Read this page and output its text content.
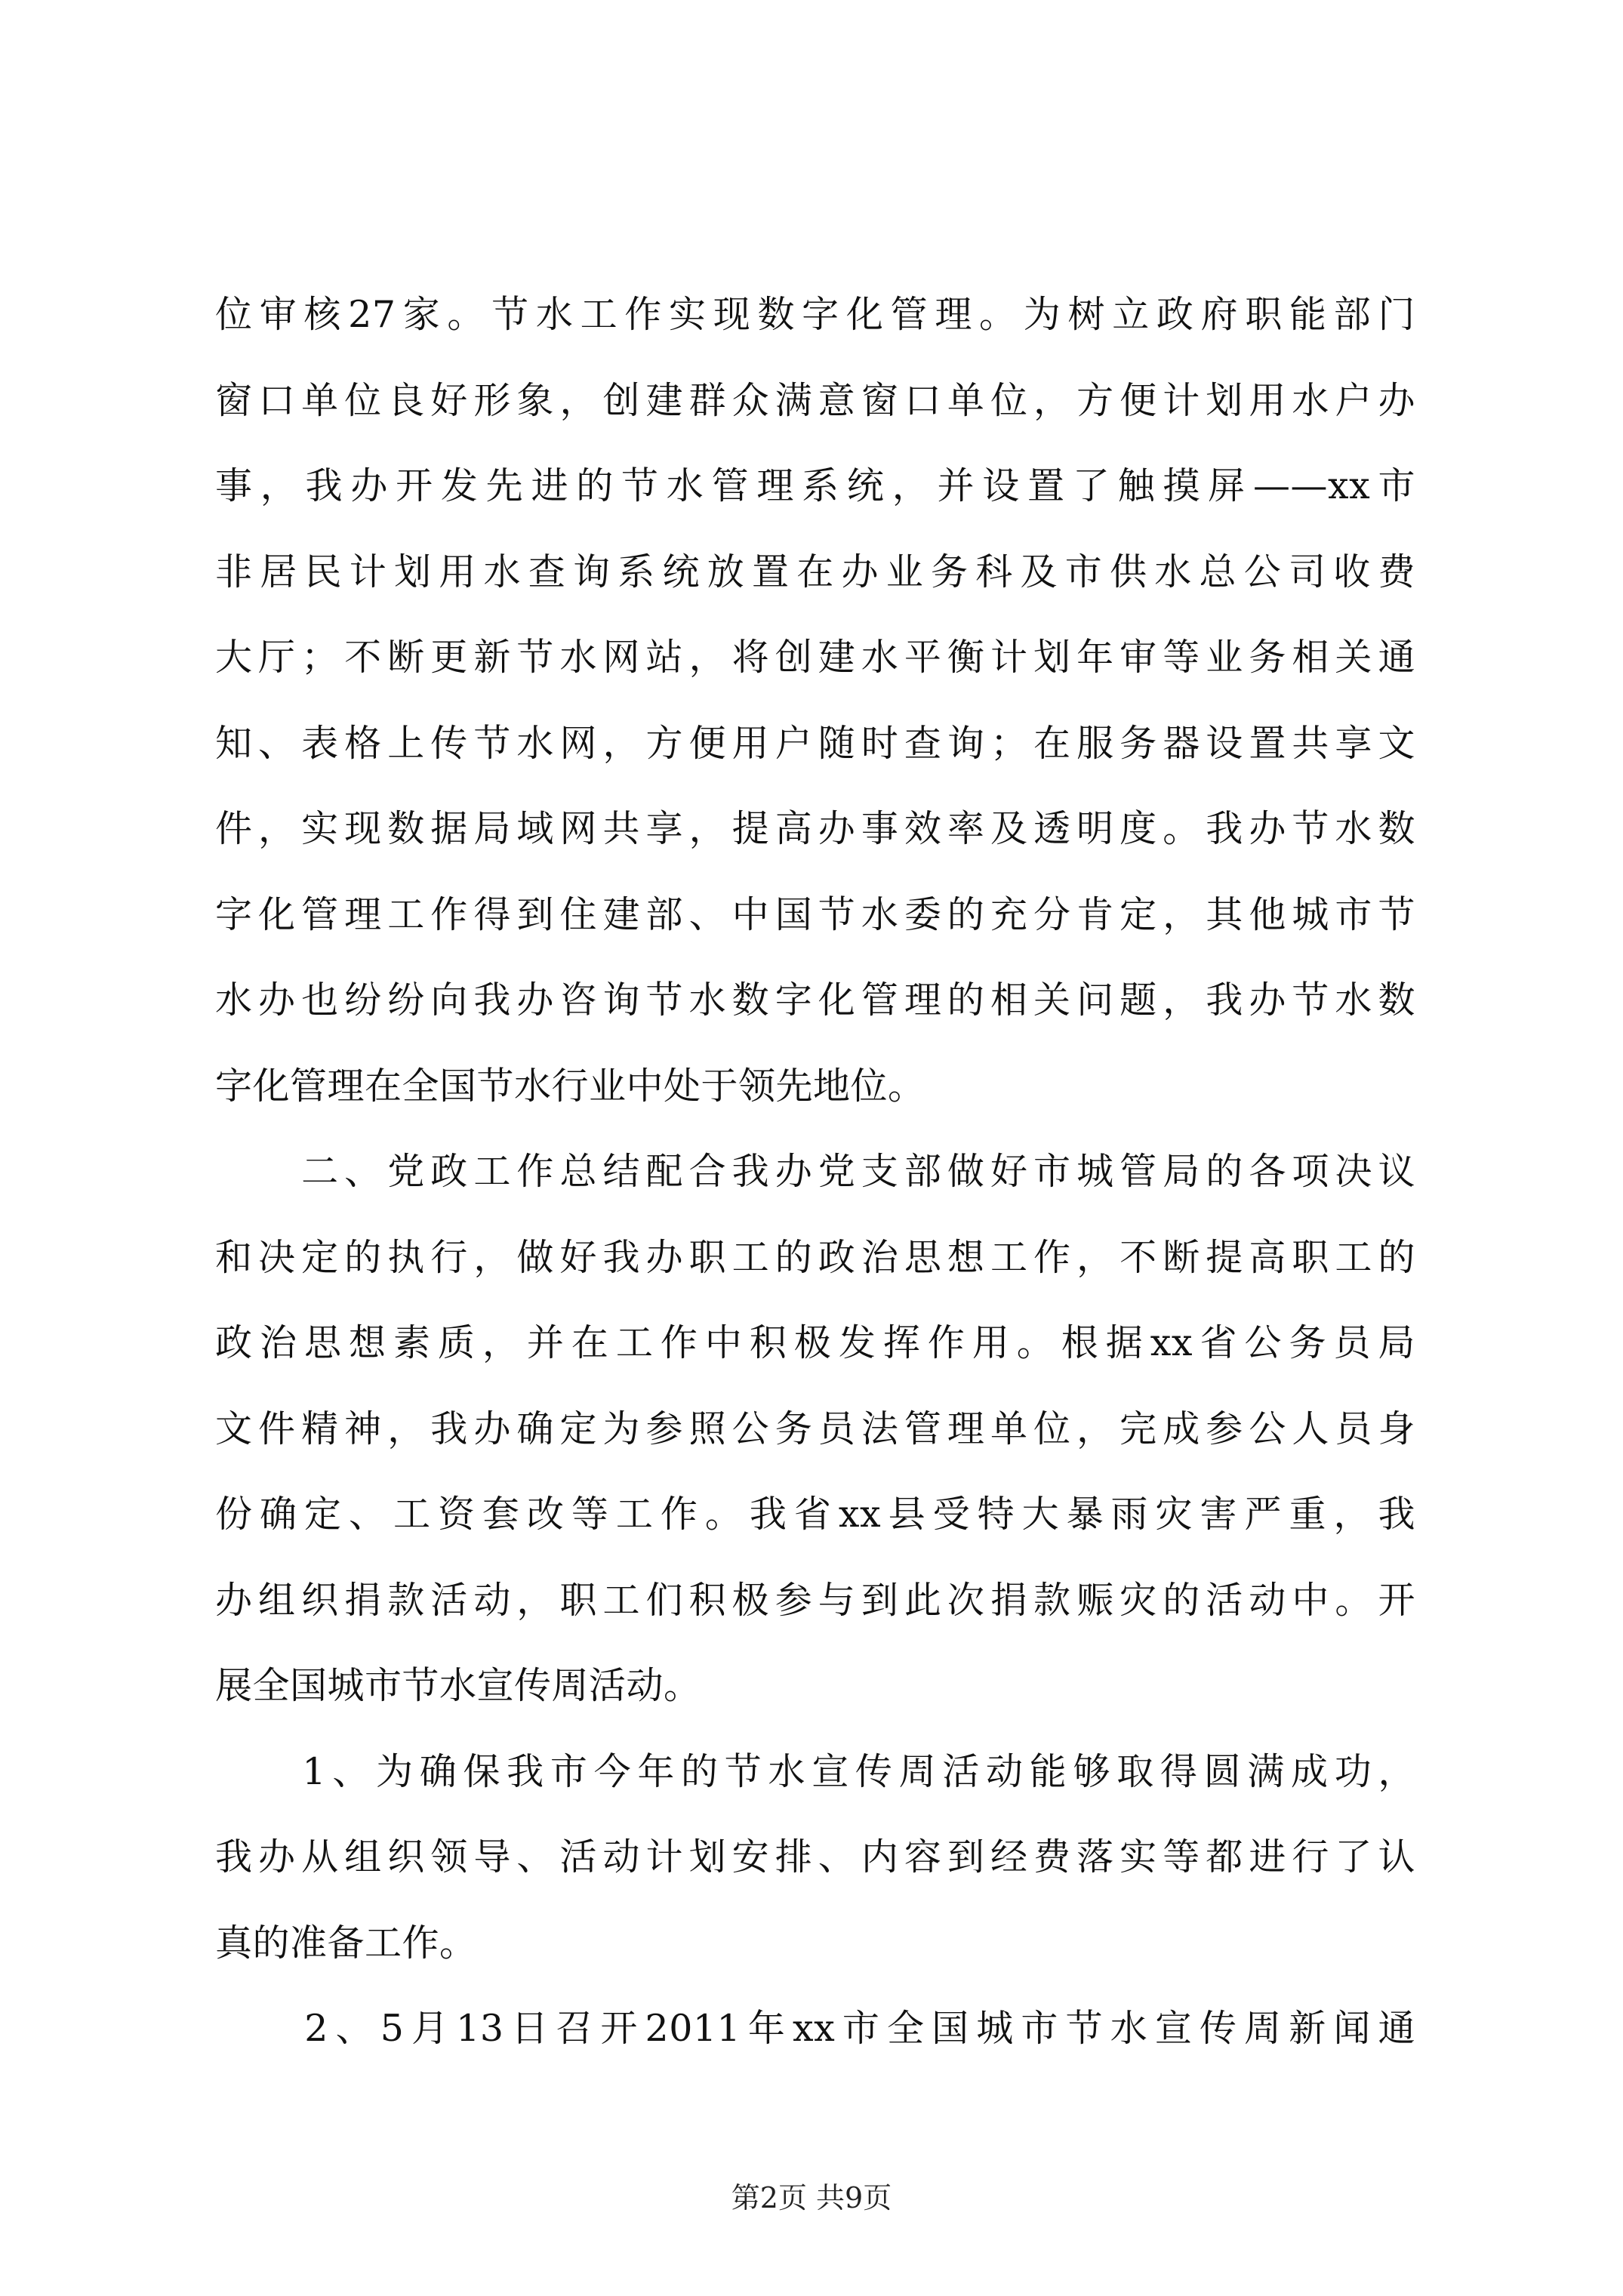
位审核27家。节水工作实现数字化管理。为树立政府职能部门
窗口单位良好形象，创建群众满意窗口单位，方便计划用水户办
事，我办开发先进的节水管理系统，并设置了触摸屏——xx市
非居民计划用水查询系统放置在办业务科及市供水总公司收费
大厅；不断更新节水网站，将创建水平衡计划年审等业务相关通
知、表格上传节水网，方便用户随时查询；在服务器设置共享文
件，实现数据局域网共享，提高办事效率及透明度。我办节水数
字化管理工作得到住建部、中国节水委的充分肯定，其他城市节
水办也纷纷向我办咨询节水数字化管理的相关问题，我办节水数
字化管理在全国节水行业中处于领先地位。
　　二、党政工作总结配合我办党支部做好市城管局的各项决议
和决定的执行，做好我办职工的政治思想工作，不断提高职工的
政治思想素质，并在工作中积极发挥作用。根据xx省公务员局
文件精神，我办确定为参照公务员法管理单位，完成参公人员身
份确定、工资套改等工作。我省xx县受特大暴雨灾害严重，我
办组织捐款活动，职工们积极参与到此次捐款赈灾的活动中。开
展全国城市节水宣传周活动。
　　1、为确保我市今年的节水宣传周活动能够取得圆满成功，
我办从组织领导、活动计划安排、内容到经费落实等都进行了认
真的准备工作。
　　2、5月13日召开2011年xx市全国城市节水宣传周新闻通
第2页 共9页
